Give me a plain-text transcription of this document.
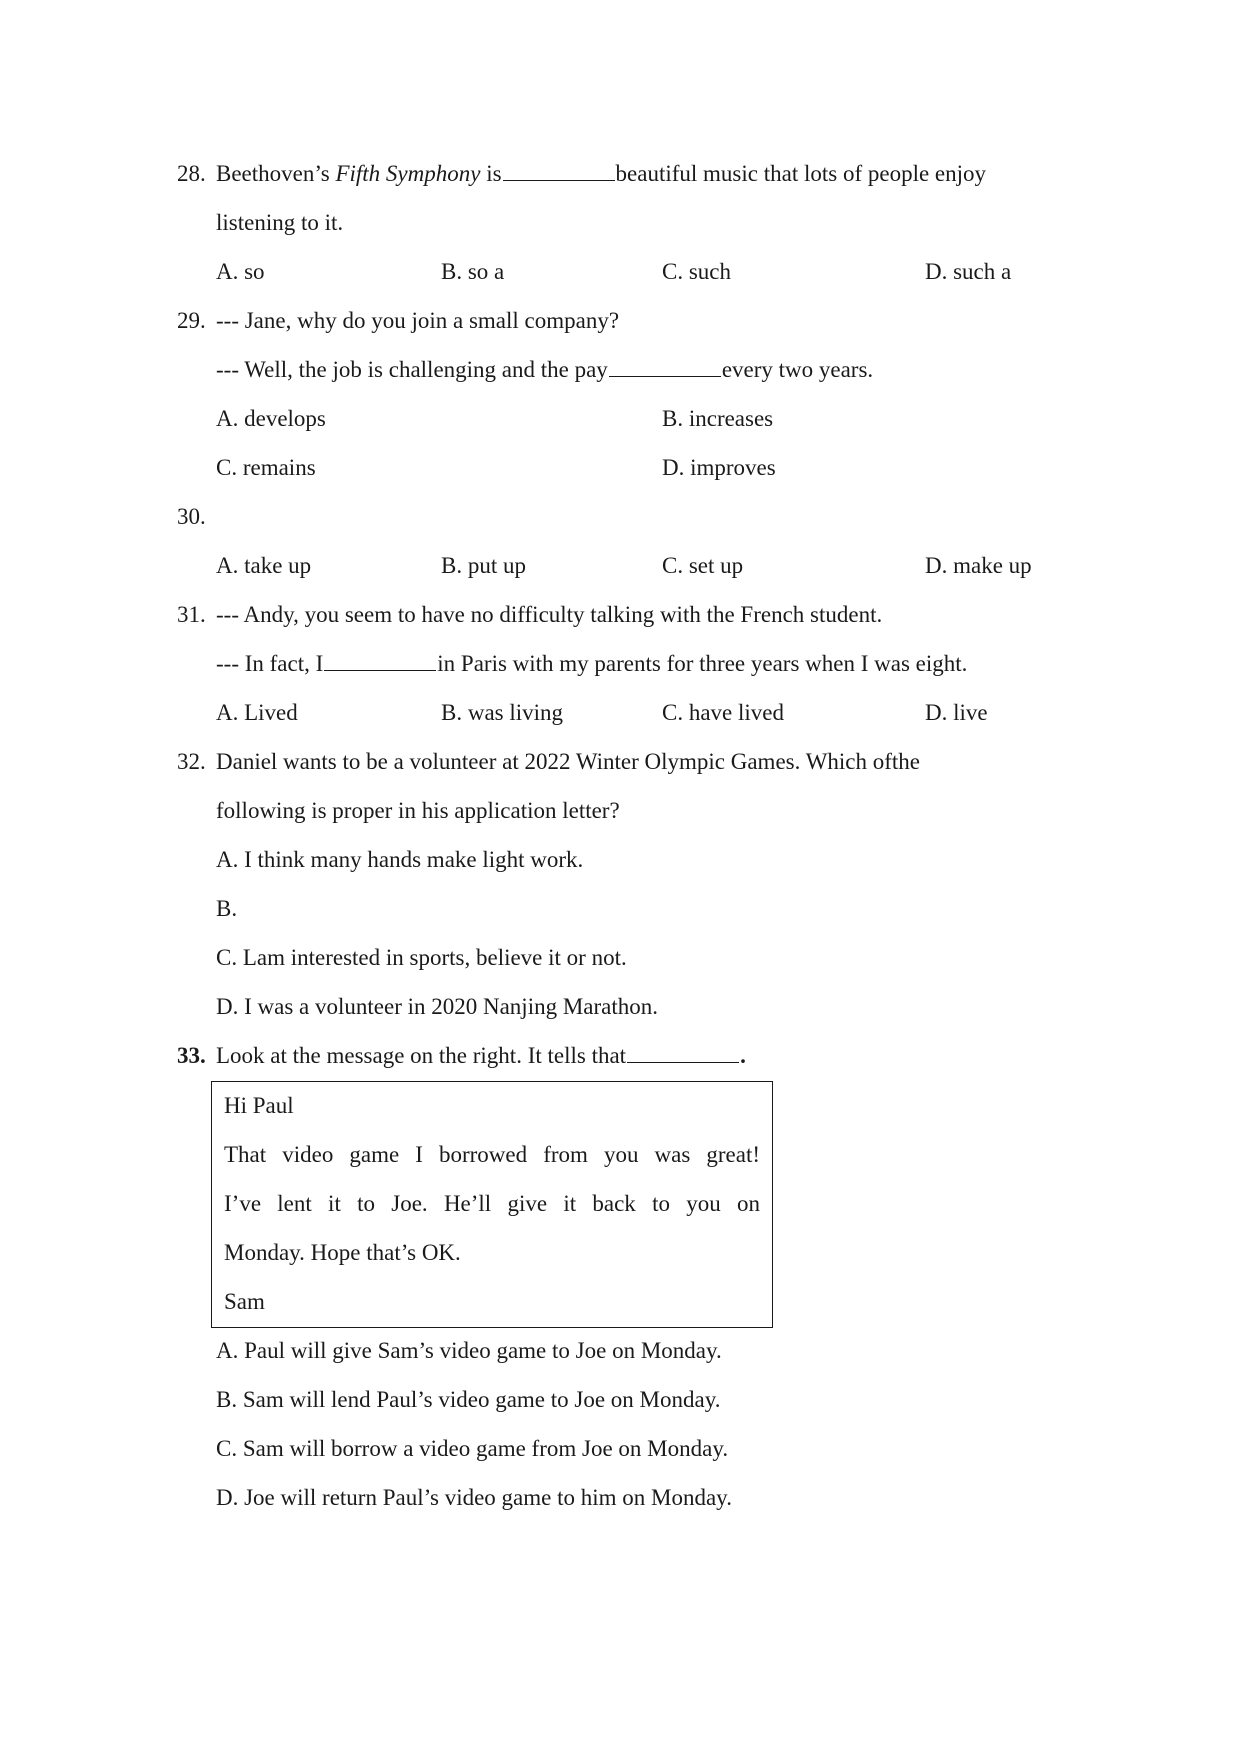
28. Beethoven’s Fifth Symphony is	beautiful music that lots of people enjoy
listening to it.
A. so	B. so a	C. such	D. such a
29. --- Jane, why do you join a small company?
--- Well, the job is challenging and the pay	every two years.
A. develops	B. increases
C. remains	D. improves
30.
A. take up	B. put up	C. set up	D. make up
31. --- Andy, you seem to have no difficulty talking with the French student.
--- In fact, I	in Paris with my parents for three years when I was eight.
A. Lived	B. was living	C. have lived	D. live
32. Daniel wants to be a volunteer at 2022 Winter Olympic Games. Which ofthe
following is proper in his application letter?
A. I think many hands make light work.
B.
C. Lam interested in sports, believe it or not.
D. I was a volunteer in 2020 Nanjing Marathon.
33. Look at the message on the right. It tells that	.
Hi Paul
That video game I borrowed from you was great!
I’ve lent it to Joe. He’ll give it back to you on
Monday. Hope that’s OK.
Sam
A. Paul will give Sam’s video game to Joe on Monday.
B. Sam will lend Paul’s video game to Joe on Monday.
C. Sam will borrow a video game from Joe on Monday.
D. Joe will return Paul’s video game to him on Monday.
